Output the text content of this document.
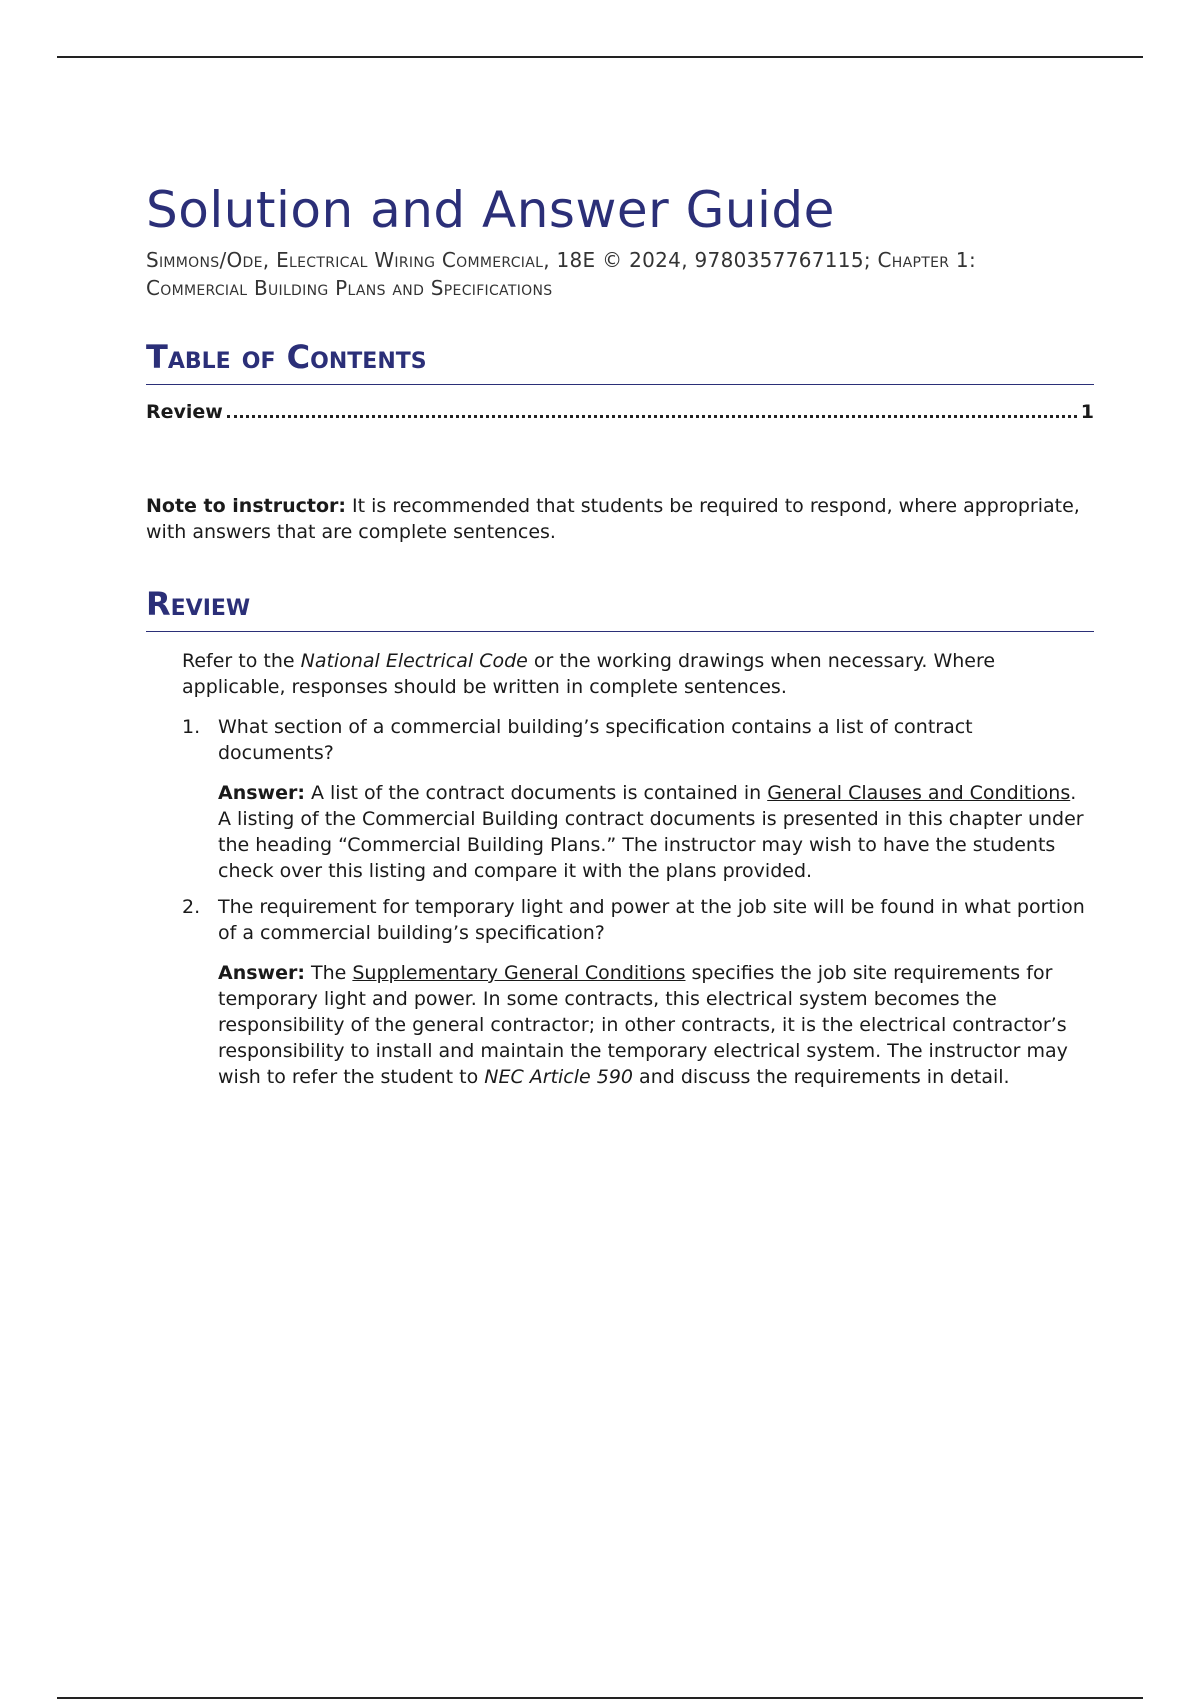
Solution and Answer Guide
Simmons/Ode, Electrical Wiring Commercial, 18E © 2024, 9780357767115; Chapter 1:
Commercial Building Plans and Specifications
Table of Contents
Review	1

Note to instructor: It is recommended that students be required to respond, where appropriate, with answers that are complete sentences.

Review

Refer to the National Electrical Code or the working drawings when necessary. Where applicable, responses should be written in complete sentences.

1. What section of a commercial building’s specification contains a list of contract documents?
Answer: A list of the contract documents is contained in General Clauses and Conditions. A listing of the Commercial Building contract documents is presented in this chapter under the heading “Commercial Building Plans.” The instructor may wish to have the students check over this listing and compare it with the plans provided.
2. The requirement for temporary light and power at the job site will be found in what portion of a commercial building’s specification?
Answer: The Supplementary General Conditions specifies the job site requirements for temporary light and power. In some contracts, this electrical system becomes the responsibility of the general contractor; in other contracts, it is the electrical contractor’s responsibility to install and maintain the temporary electrical system. The instructor may wish to refer the student to NEC Article 590 and discuss the requirements in detail.
